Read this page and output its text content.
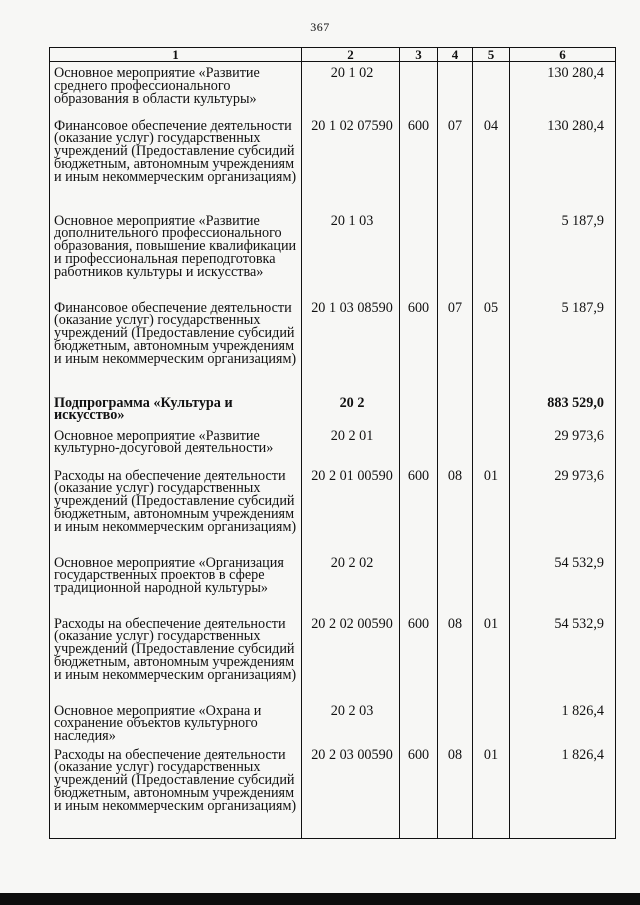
367
1	2	3	4	5	6
Основное мероприятие «Развитие среднего профессионального образования в области культуры»	20 1 02				130 280,4
Финансовое обеспечение деятельности (оказание услуг) государственных учреждений (Предоставление субсидий бюджетным, автономным учреждениям и иным некоммерческим организациям)	20 1 02 07590	600	07	04	130 280,4
Основное мероприятие «Развитие дополнительного профессионального образования, повышение квалификации и профессиональная переподготовка работников культуры и искусства»	20 1 03				5 187,9
Финансовое обеспечение деятельности (оказание услуг) государственных учреждений (Предоставление субсидий бюджетным, автономным учреждениям и иным некоммерческим организациям)	20 1 03 08590	600	07	05	5 187,9
Подпрограмма «Культура и искусство»	20 2				883 529,0
Основное мероприятие «Развитие культурно-досуговой деятельности»	20 2 01				29 973,6
Расходы на обеспечение деятельности (оказание услуг) государственных учреждений (Предоставление субсидий бюджетным, автономным учреждениям и иным некоммерческим организациям)	20 2 01 00590	600	08	01	29 973,6
Основное мероприятие «Организация государственных проектов в сфере традиционной народной культуры»	20 2 02				54 532,9
Расходы на обеспечение деятельности (оказание услуг) государственных учреждений (Предоставление субсидий бюджетным, автономным учреждениям и иным некоммерческим организациям)	20 2 02 00590	600	08	01	54 532,9
Основное мероприятие «Охрана и сохранение объектов культурного наследия»	20 2 03				1 826,4
Расходы на обеспечение деятельности (оказание услуг) государственных учреждений (Предоставление субсидий бюджетным, автономным учреждениям и иным некоммерческим организациям)	20 2 03 00590	600	08	01	1 826,4
